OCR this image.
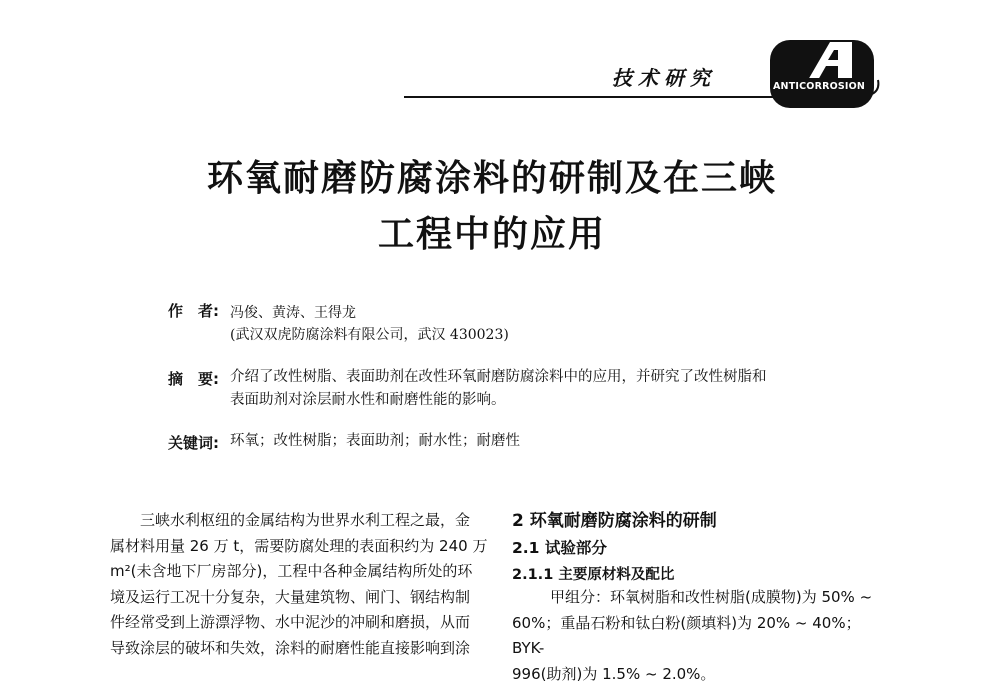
技术研究	ANTICORROSION
环氧耐磨防腐涂料的研制及在三峡
工程中的应用
作　者: 冯俊、黄涛、王得龙
(武汉双虎防腐涂料有限公司，武汉 430023)
摘　要: 介绍了改性树脂、表面助剂在改性环氧耐磨防腐涂料中的应用，并研究了改性树脂和
表面助剂对涂层耐水性和耐磨性能的影响。
关键词: 环氧；改性树脂；表面助剂；耐水性；耐磨性
三峡水利枢纽的金属结构为世界水利工程之最，金
属材料用量 26 万 t，需要防腐处理的表面积约为 240 万
m²(未含地下厂房部分)，工程中各种金属结构所处的环
境及运行工况十分复杂，大量建筑物、闸门、钢结构制
件经常受到上游漂浮物、水中泥沙的冲刷和磨损，从而
导致涂层的破坏和失效，涂料的耐磨性能直接影响到涂
2 环氧耐磨防腐涂料的研制
2.1 试验部分
2.1.1 主要原材料及配比
甲组分：环氧树脂和改性树脂(成膜物)为 50% ~
60%；重晶石粉和钛白粉(颜填料)为 20% ~ 40%；BYK-
996(助剂)为 1.5% ~ 2.0%。
